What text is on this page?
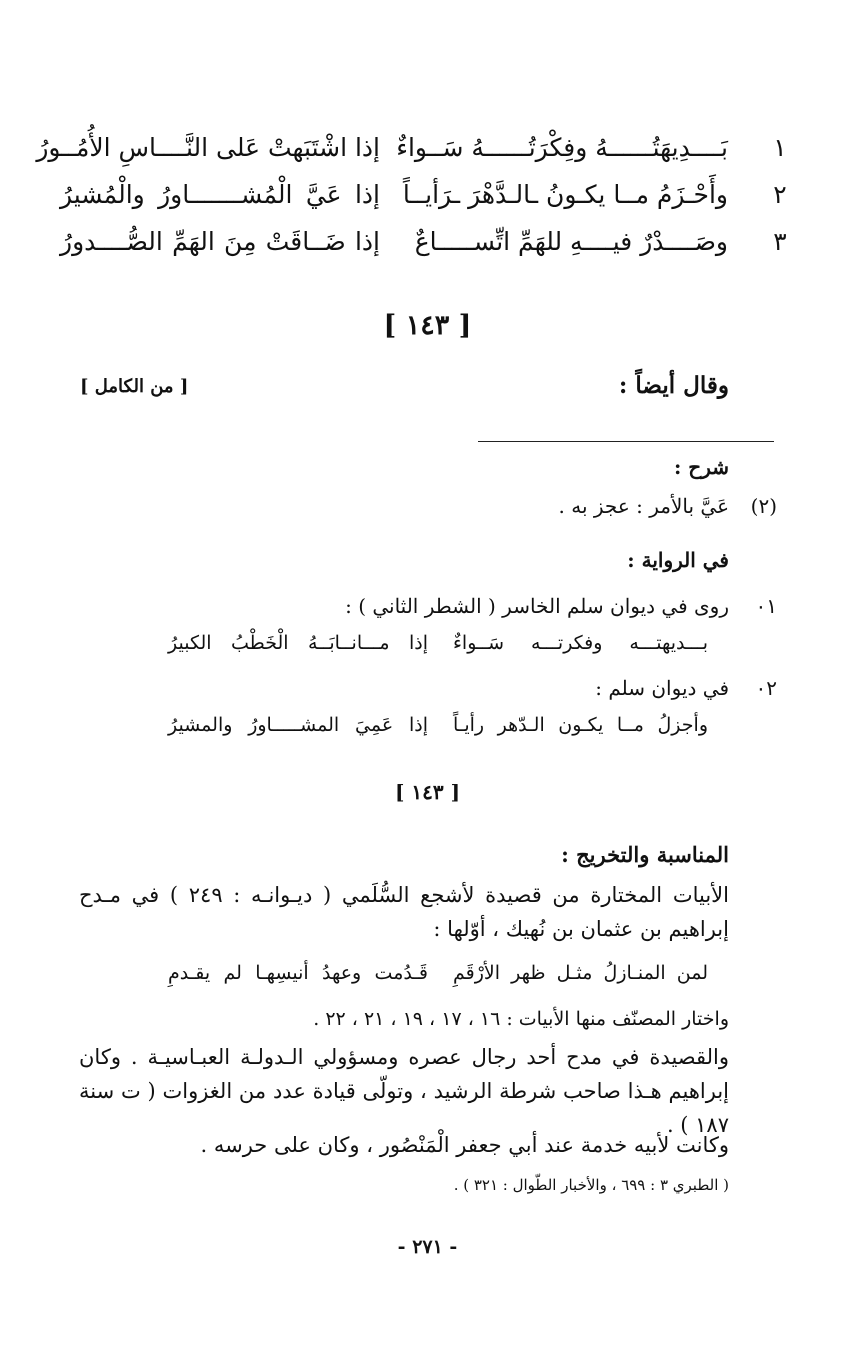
١
بَــــدِيهَتُــــــهُ وفِكْرَتُــــــهُ سَــواءٌ
إذا اشْتَبَهتْ عَلى النَّــــاسِ الأُمُــورُ
٢
وأَحْـزَمُ مــا يكـونُ ـالـدَّهْرَ ـرَأيــاً
إذا عَيَّ الْمُشـــــــاورُ والْمُشيرُ
٣
وصَــــدْرٌ فيــــهِ للهَمِّ اتِّســـــاعٌ
إذا ضَــاقَتْ مِنَ الهَمِّ الصُّــــدورُ
[ ١٤٣ ]
وقال أيضاً :
[ من الكامل ]
شرح :
(٢)
عَيَّ بالأمر : عجز به .
في الرواية :
٠١
روى في ديوان سلم الخاسر ( الشطر الثاني ) :
بـــديهتـــه وفكرتـــه سَــواءٌ
إذا مـــانــابَــهُ الْخَطْبُ الكبيرُ
٠٢
في ديوان سلم :
وأجزلُ مــا يكـون الـدّهر رأيـاً
إذا عَمِيَ المشـــــاورُ والمشيرُ
[ ١٤٣ ]
المناسبة والتخريج :
الأبيات المختارة من قصيدة لأشجع السُّلَمي ( ديـوانـه : ٢٤٩ ) في مـدح إبراهيم بن عثمان بن نُهيك ، أوّلها :
لمن المنـازلُ مثـل ظهر الأرْقَمِ
قَـدُمت وعهدُ أنيسِهـا لم يقـدمِ
واختار المصنّف منها الأبيات : ١٦ ، ١٧ ، ١٩ ، ٢١ ، ٢٢ .
والقصيدة في مدح أحد رجال عصره ومسؤولي الـدولـة العبـاسيـة . وكان إبراهيم هـذا صاحب شرطة الرشيد ، وتولّى قيادة عدد من الغزوات ( ت سنة ١٨٧ ) .
وكانت لأبيه خدمة عند أبي جعفر الْمَنْصُور ، وكان على حرسه .
( الطبري ٣ : ٦٩٩ ، والأخبار الطّوال : ٣٢١ ) .
- ٢٧١ -
